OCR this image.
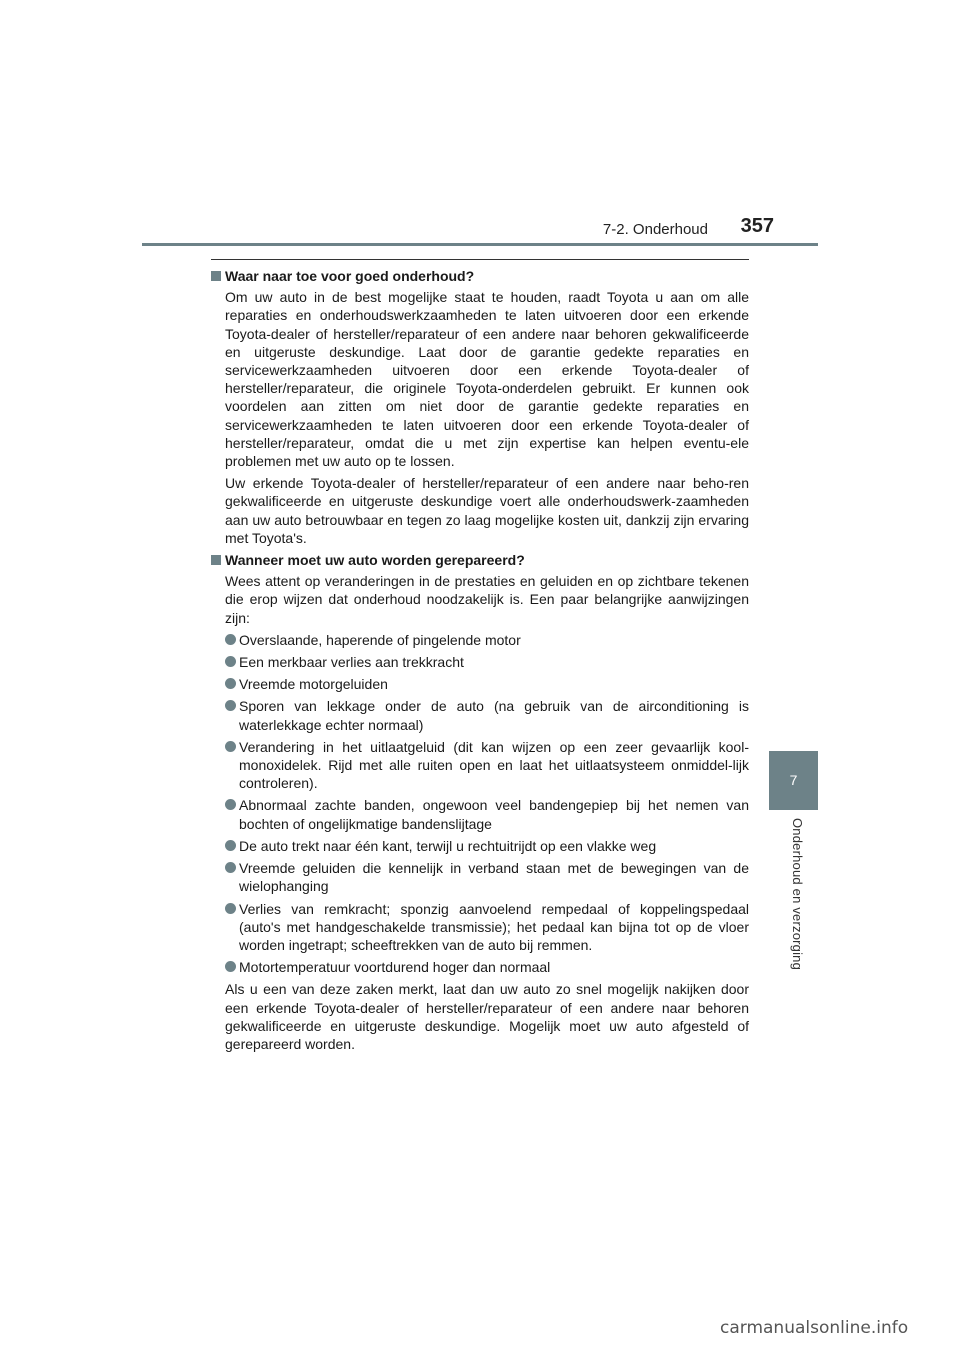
7-2. Onderhoud	357
7
Onderhoud en verzorging
Waar naar toe voor goed onderhoud?

Om uw auto in de best mogelijke staat te houden, raadt Toyota u aan om alle reparaties en onderhoudswerkzaamheden te laten uitvoeren door een erkende Toyota-dealer of hersteller/reparateur of een andere naar behoren gekwalificeerde en uitgeruste deskundige. Laat door de garantie gedekte reparaties en servicewerkzaamheden uitvoeren door een erkende Toyota-dealer of hersteller/reparateur, die originele Toyota-onderdelen gebruikt. Er kunnen ook voordelen aan zitten om niet door de garantie gedekte reparaties en servicewerkzaamheden te laten uitvoeren door een erkende Toyota-dealer of hersteller/reparateur, omdat die u met zijn expertise kan helpen eventu-ele problemen met uw auto op te lossen.

Uw erkende Toyota-dealer of hersteller/reparateur of een andere naar beho-ren gekwalificeerde en uitgeruste deskundige voert alle onderhoudswerk-zaamheden aan uw auto betrouwbaar en tegen zo laag mogelijke kosten uit, dankzij zijn ervaring met Toyota's.

Wanneer moet uw auto worden gerepareerd?

Wees attent op veranderingen in de prestaties en geluiden en op zichtbare tekenen die erop wijzen dat onderhoud noodzakelijk is. Een paar belangrijke aanwijzingen zijn:

Overslaande, haperende of pingelende motor
Een merkbaar verlies aan trekkracht
Vreemde motorgeluiden
Sporen van lekkage onder de auto (na gebruik van de airconditioning is waterlekkage echter normaal)
Verandering in het uitlaatgeluid (dit kan wijzen op een zeer gevaarlijk kool-monoxidelek. Rijd met alle ruiten open en laat het uitlaatsysteem onmiddel-lijk controleren).
Abnormaal zachte banden, ongewoon veel bandengepiep bij het nemen van bochten of ongelijkmatige bandenslijtage
De auto trekt naar één kant, terwijl u rechtuitrijdt op een vlakke weg
Vreemde geluiden die kennelijk in verband staan met de bewegingen van de wielophanging
Verlies van remkracht; sponzig aanvoelend rempedaal of koppelingspedaal (auto's met handgeschakelde transmissie); het pedaal kan bijna tot op de vloer worden ingetrapt; scheeftrekken van de auto bij remmen.
Motortemperatuur voortdurend hoger dan normaal

Als u een van deze zaken merkt, laat dan uw auto zo snel mogelijk nakijken door een erkende Toyota-dealer of hersteller/reparateur of een andere naar behoren gekwalificeerde en uitgeruste deskundige. Mogelijk moet uw auto afgesteld of gerepareerd worden.

carmanualsonline.info
